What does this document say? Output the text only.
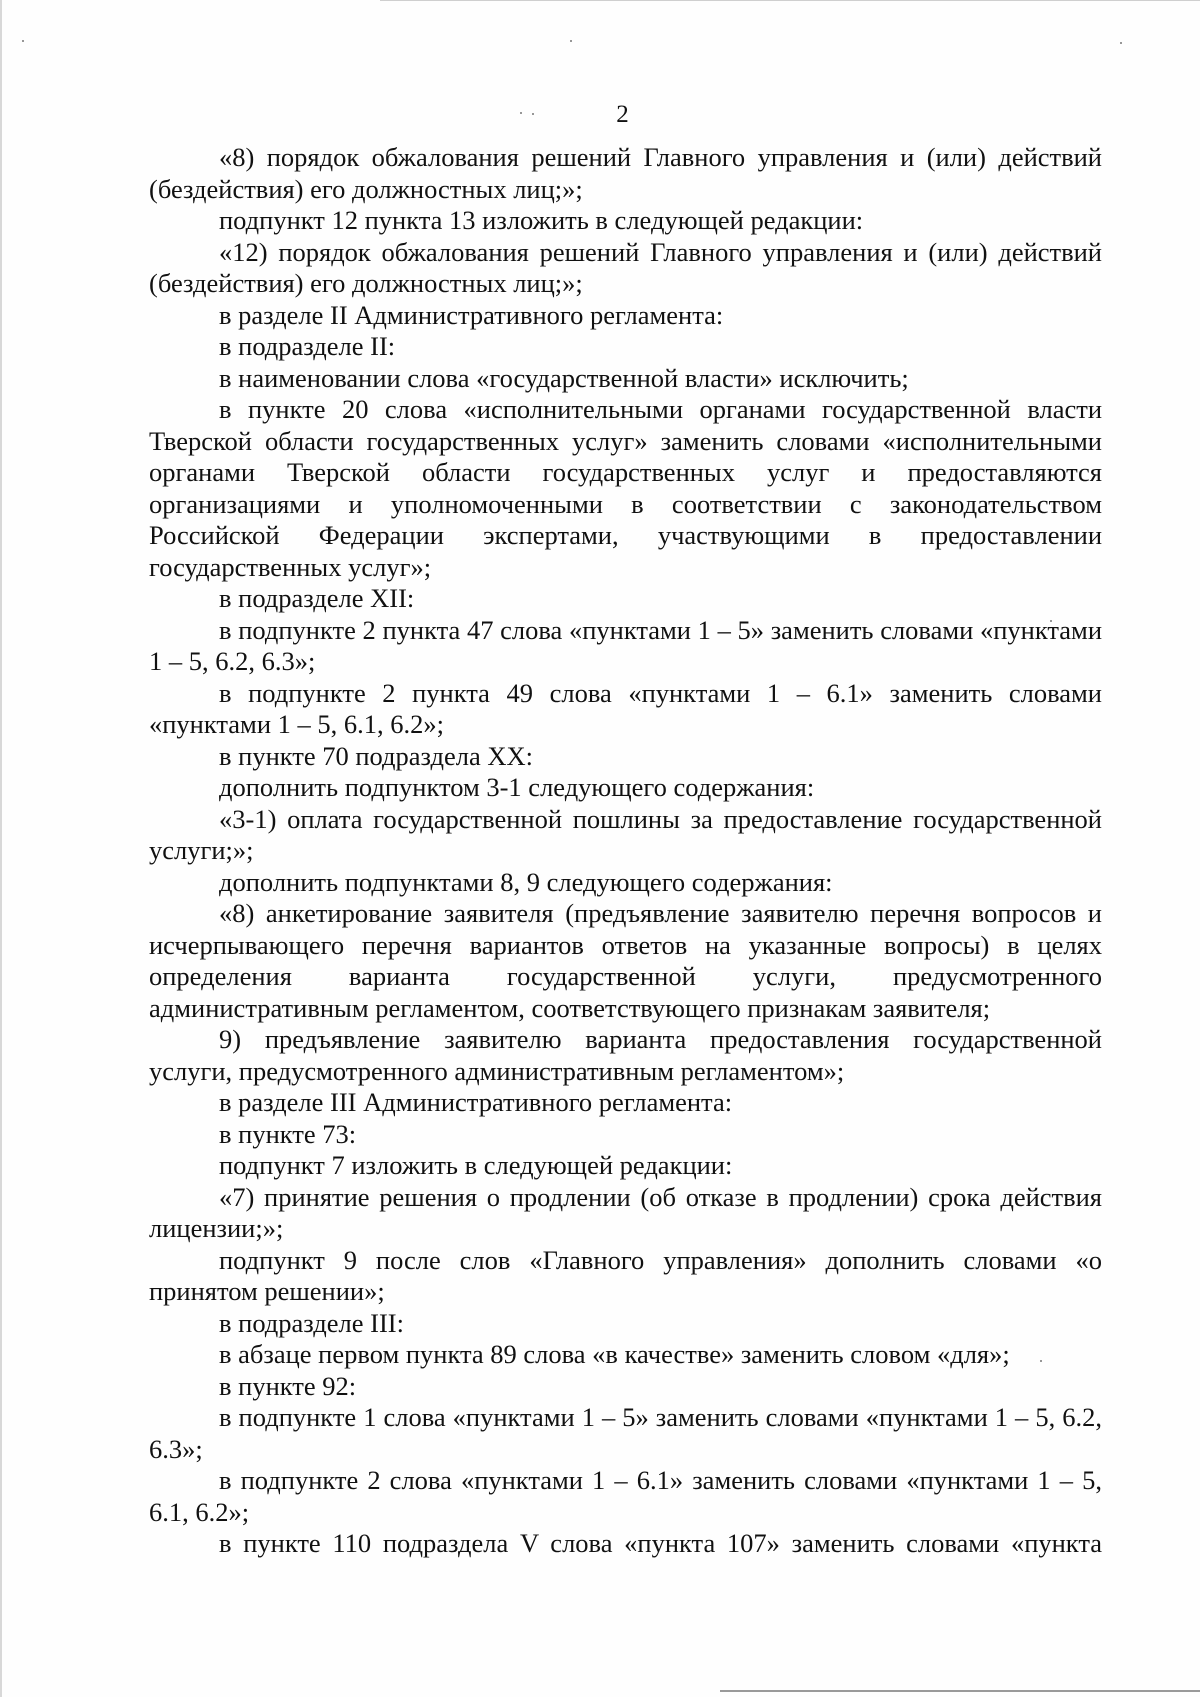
2

«8) порядок обжалования решений Главного управления и (или) действий (бездействия) его должностных лиц;»;

подпункт 12 пункта 13 изложить в следующей редакции:

«12) порядок обжалования решений Главного управления и (или) действий (бездействия) его должностных лиц;»;

в разделе II Административного регламента:

в подразделе II:

в наименовании слова «государственной власти» исключить;

в пункте 20 слова «исполнительными органами государственной власти Тверской области государственных услуг» заменить словами «исполнительными органами Тверской области государственных услуг и предоставляются организациями и уполномоченными в соответствии с законодательством Российской Федерации экспертами, участвующими в предоставлении государственных услуг»;

в подразделе XII:

в подпункте 2 пункта 47 слова «пунктами 1 – 5» заменить словами «пунктами 1 – 5, 6.2, 6.3»;

в подпункте 2 пункта 49 слова «пунктами 1 – 6.1» заменить словами «пунктами 1 – 5, 6.1, 6.2»;

в пункте 70 подраздела XX:

дополнить подпунктом 3-1 следующего содержания:

«3-1) оплата государственной пошлины за предоставление государственной услуги;»;

дополнить подпунктами 8, 9 следующего содержания:

«8) анкетирование заявителя (предъявление заявителю перечня вопросов и исчерпывающего перечня вариантов ответов на указанные вопросы) в целях определения варианта государственной услуги, предусмотренного административным регламентом, соответствующего признакам заявителя;

9) предъявление заявителю варианта предоставления государственной услуги, предусмотренного административным регламентом»;

в разделе III Административного регламента:

в пункте 73:

подпункт 7 изложить в следующей редакции:

«7) принятие решения о продлении (об отказе в продлении) срока действия лицензии;»;

подпункт 9 после слов «Главного управления» дополнить словами «о принятом решении»;

в подразделе III:

в абзаце первом пункта 89 слова «в качестве» заменить словом «для»;

в пункте 92:

в подпункте 1 слова «пунктами 1 – 5» заменить словами «пунктами 1 – 5, 6.2, 6.3»;

в подпункте 2 слова «пунктами 1 – 6.1» заменить словами «пунктами 1 – 5, 6.1, 6.2»;

в пункте 110 подраздела V слова «пункта 107» заменить словами «пункта
